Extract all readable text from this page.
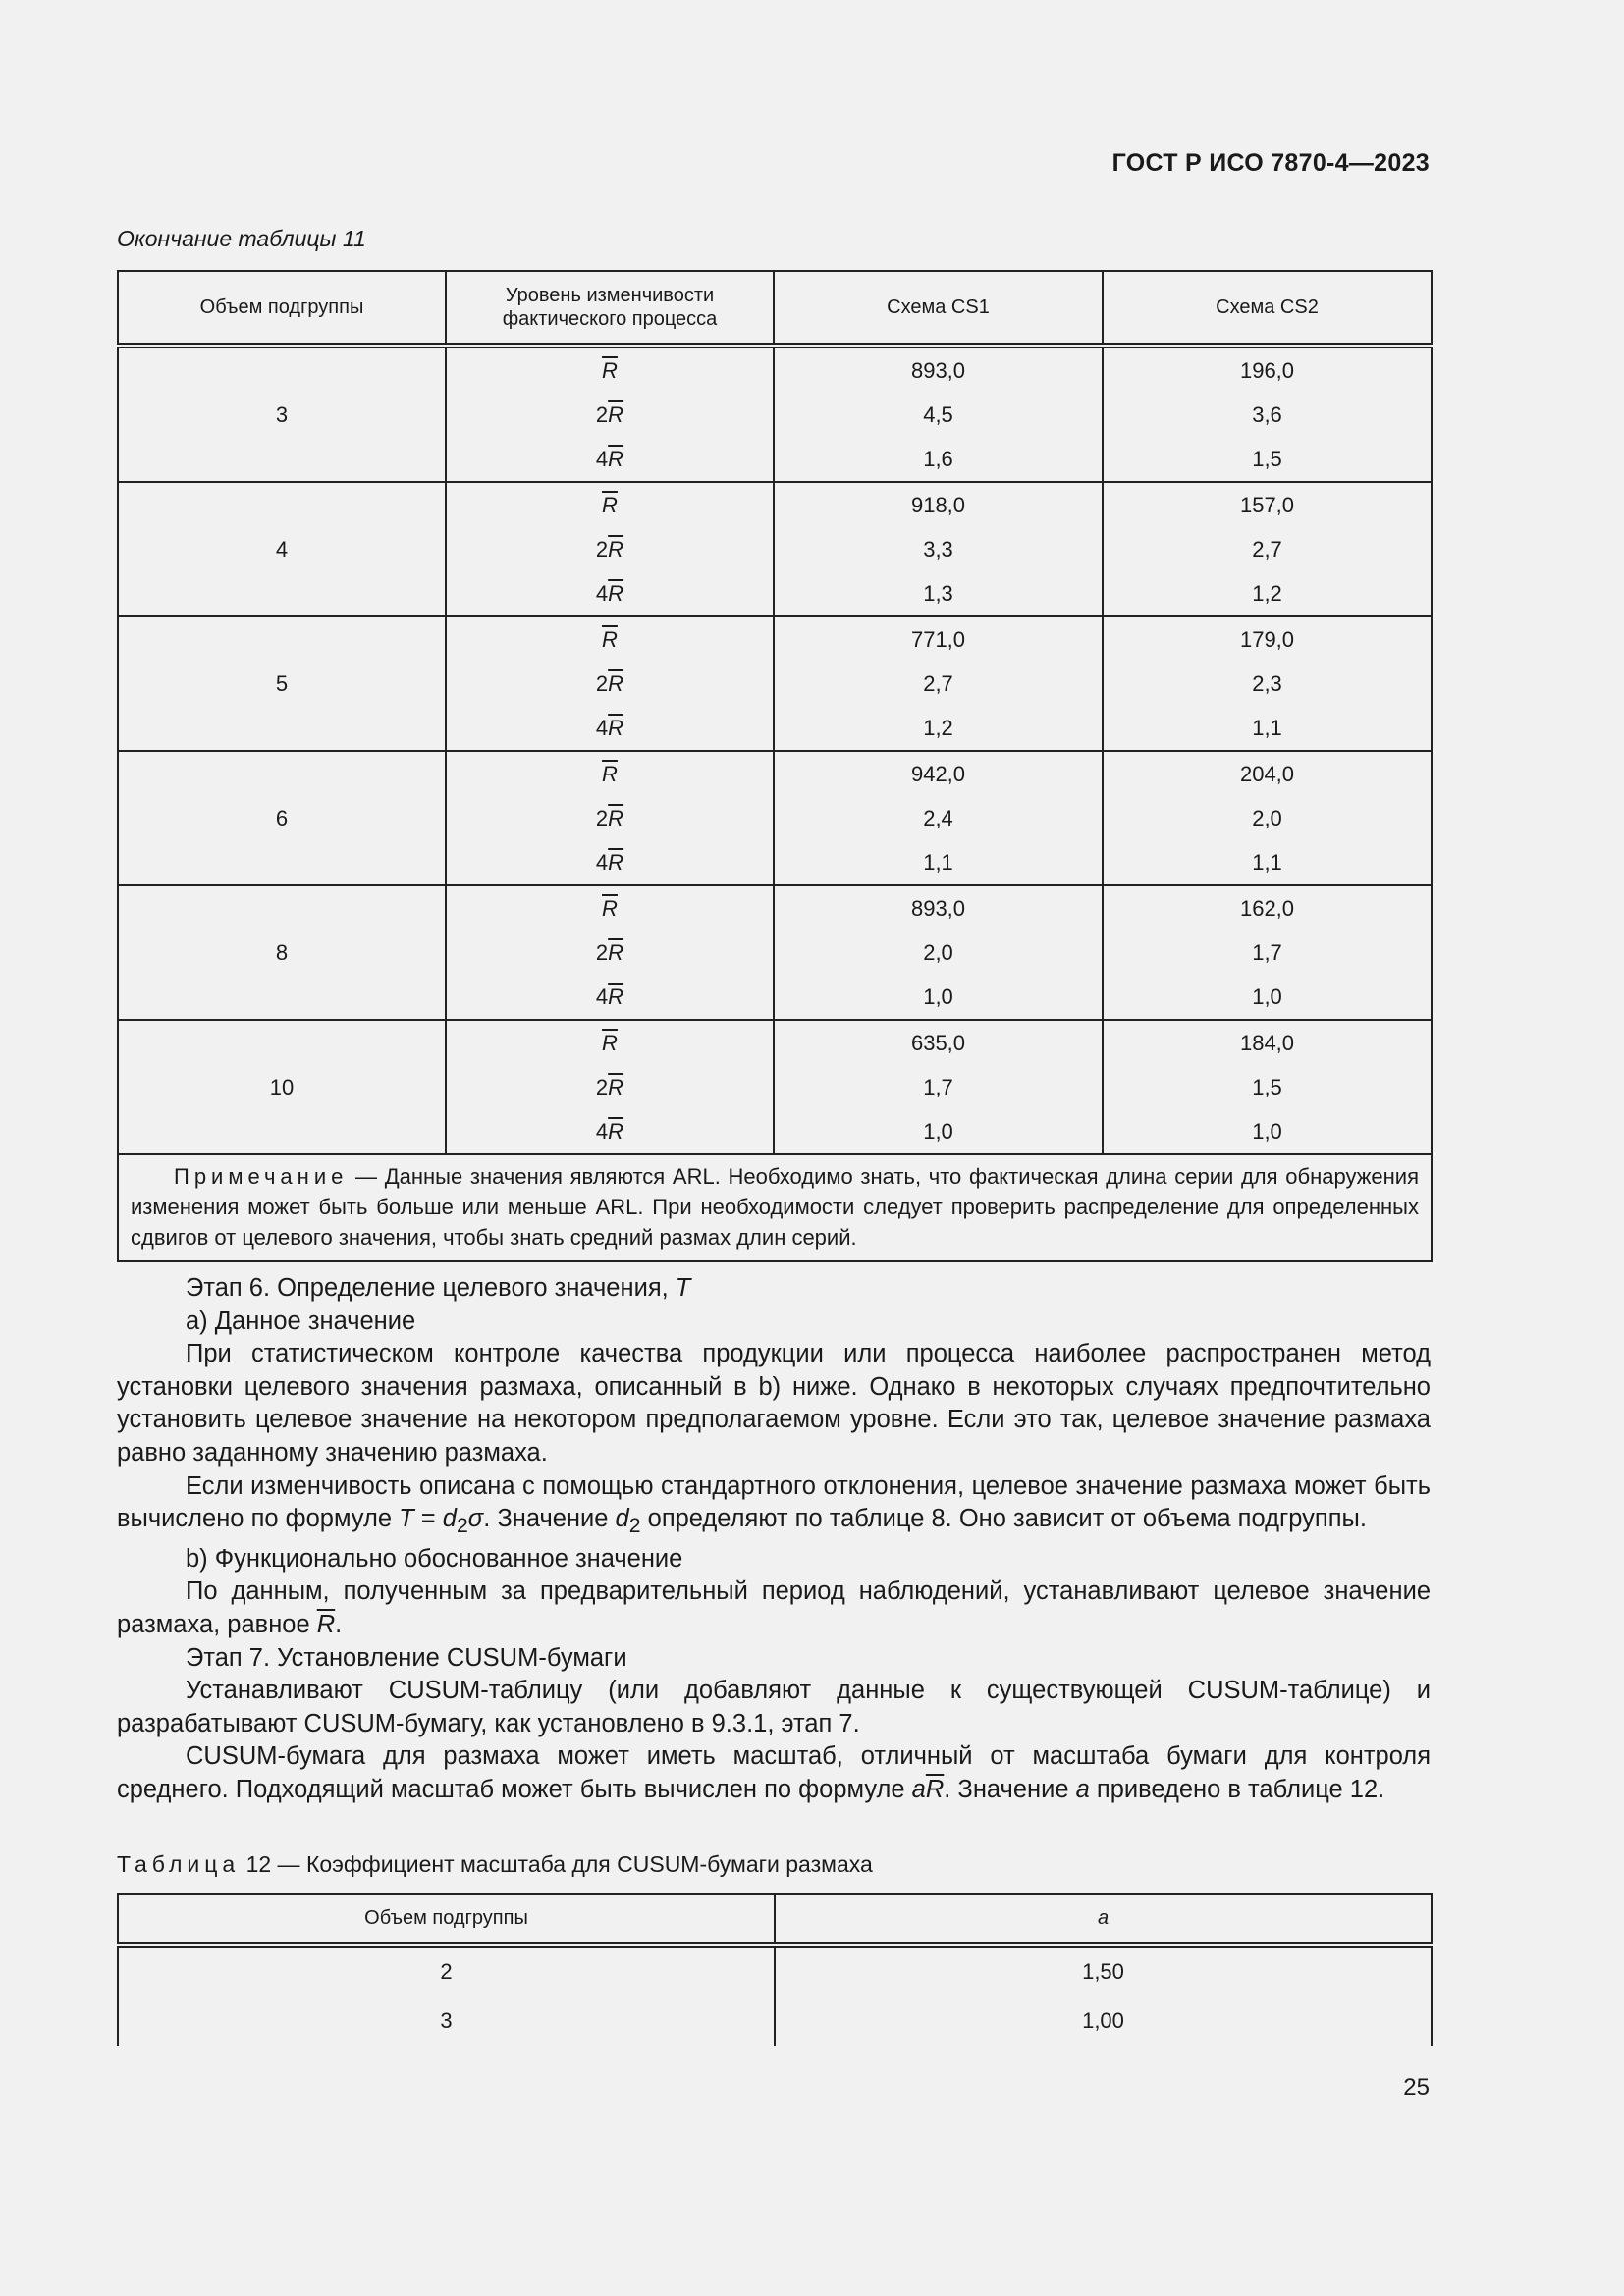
ГОСТ Р ИСО 7870-4—2023
Окончание таблицы 11
Объем подгруппы	Уровень изменчивости фактического процесса	Схема CS1	Схема CS2
3	$\overline{R}$	893,0	196,0
	$2\overline{R}$	4,5	3,6
	$4\overline{R}$	1,6	1,5
4	$\overline{R}$	918,0	157,0
	$2\overline{R}$	3,3	2,7
	$4\overline{R}$	1,3	1,2
5	$\overline{R}$	771,0	179,0
	$2\overline{R}$	2,7	2,3
	$4\overline{R}$	1,2	1,1
6	$\overline{R}$	942,0	204,0
	$2\overline{R}$	2,4	2,0
	$4\overline{R}$	1,1	1,1
8	$\overline{R}$	893,0	162,0
	$2\overline{R}$	2,0	1,7
	$4\overline{R}$	1,0	1,0
10	$\overline{R}$	635,0	184,0
	$2\overline{R}$	1,7	1,5
	$4\overline{R}$	1,0	1,0
Примечание — Данные значения являются ARL. Необходимо знать, что фактическая длина серии для обнаружения изменения может быть больше или меньше ARL. При необходимости следует проверить распределение для определенных сдвигов от целевого значения, чтобы знать средний размах длин серий.			

Этап 6. Определение целевого значения, T

a) Данное значение

При статистическом контроле качества продукции или процесса наиболее распространен метод установки целевого значения размаха, описанный в b) ниже. Однако в некоторых случаях предпочтительно установить целевое значение на некотором предполагаемом уровне. Если это так, целевое значение размаха равно заданному значению размаха.

Если изменчивость описана с помощью стандартного отклонения, целевое значение размаха может быть вычислено по формуле $T = d_2\sigma$. Значение $d_2$ определяют по таблице 8. Оно зависит от объема подгруппы.

b) Функционально обоснованное значение

По данным, полученным за предварительный период наблюдений, устанавливают целевое значение размаха, равное $\overline{R}$.

Этап 7. Установление CUSUM-бумаги

Устанавливают CUSUM-таблицу (или добавляют данные к существующей CUSUM-таблице) и разрабатывают CUSUM-бумагу, как установлено в 9.3.1, этап 7.

CUSUM-бумага для размаха может иметь масштаб, отличный от масштаба бумаги для контроля среднего. Подходящий масштаб может быть вычислен по формуле $a\overline{R}$. Значение a приведено в таблице 12.

Таблица 12 — Коэффициент масштаба для CUSUM-бумаги размаха
Объем подгруппы	a
2	1,50
3	1,00
25
